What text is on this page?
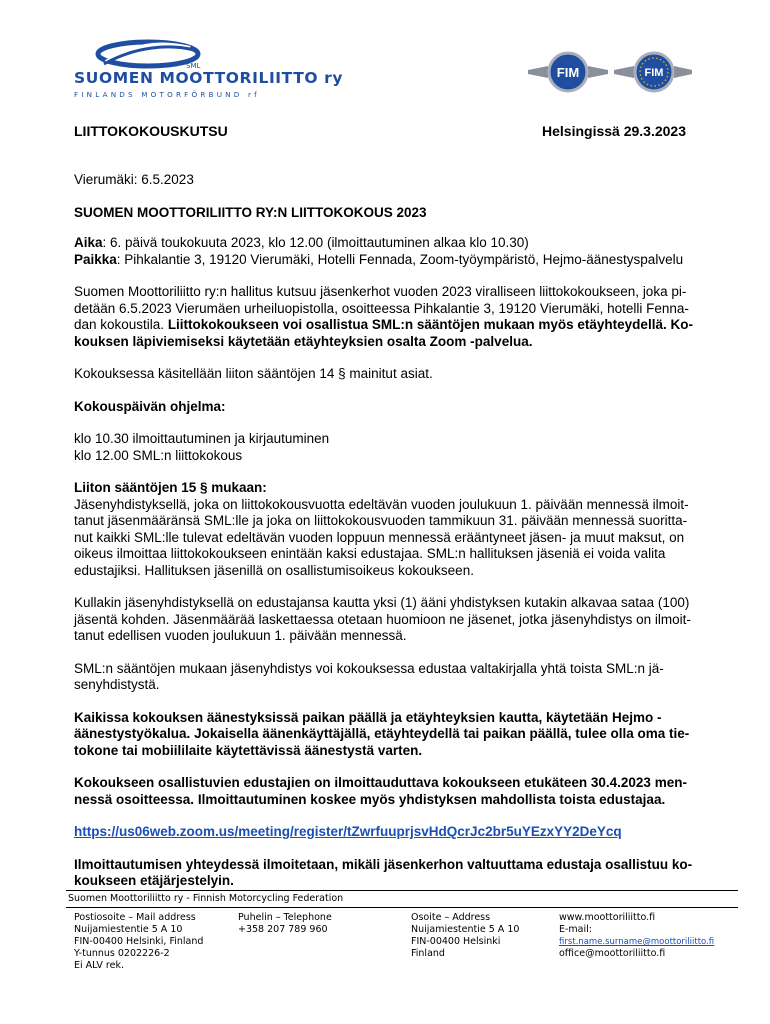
SML
SUOMEN MOOTTORILIITTO ry
FINLANDS MOTORFÖRBUND rf
FIM	FIM
LIITTOKOKOUSKUTSU	Helsingissä 29.3.2023

Vierumäki: 6.5.2023

SUOMEN MOOTTORILIITTO RY:N LIITTOKOKOUS 2023

Aika: 6. päivä toukokuuta 2023, klo 12.00 (ilmoittautuminen alkaa klo 10.30)

Paikka: Pihkalantie 3, 19120 Vierumäki, Hotelli Fennada, Zoom-työympäristö, Hejmo-äänestyspalvelu

Suomen Moottoriliitto ry:n hallitus kutsuu jäsenkerhot vuoden 2023 viralliseen liittokokoukseen, joka pi-

detään 6.5.2023 Vierumäen urheiluopistolla, osoitteessa Pihkalantie 3, 19120 Vierumäki, hotelli Fenna-

dan kokoustila. Liittokokoukseen voi osallistua SML:n sääntöjen mukaan myös etäyhteydellä. Ko-

kouksen läpiviemiseksi käytetään etäyhteyksien osalta Zoom -palvelua.

Kokouksessa käsitellään liiton sääntöjen 14 § mainitut asiat.

Kokouspäivän ohjelma:

klo 10.30 ilmoittautuminen ja kirjautuminen

klo 12.00 SML:n liittokokous

Liiton sääntöjen 15 § mukaan:

Jäsenyhdistyksellä, joka on liittokokousvuotta edeltävän vuoden joulukuun 1. päivään mennessä ilmoit-

tanut jäsenmääränsä SML:lle ja joka on liittokokousvuoden tammikuun 31. päivään mennessä suoritta-

nut kaikki SML:lle tulevat edeltävän vuoden loppuun mennessä erääntyneet jäsen- ja muut maksut, on

oikeus ilmoittaa liittokokoukseen enintään kaksi edustajaa. SML:n hallituksen jäseniä ei voida valita

edustajiksi. Hallituksen jäsenillä on osallistumisoikeus kokoukseen.

Kullakin jäsenyhdistyksellä on edustajansa kautta yksi (1) ääni yhdistyksen kutakin alkavaa sataa (100)

jäsentä kohden. Jäsenmäärää laskettaessa otetaan huomioon ne jäsenet, jotka jäsenyhdistys on ilmoit-

tanut edellisen vuoden joulukuun 1. päivään mennessä.

SML:n sääntöjen mukaan jäsenyhdistys voi kokouksessa edustaa valtakirjalla yhtä toista SML:n jä-

senyhdistystä.

Kaikissa kokouksen äänestyksissä paikan päällä ja etäyhteyksien kautta, käytetään Hejmo -

äänestystyökalua. Jokaisella äänenkäyttäjällä, etäyhteydellä tai paikan päällä, tulee olla oma tie-

tokone tai mobiililaite käytettävissä äänestystä varten.

Kokoukseen osallistuvien edustajien on ilmoittauduttava kokoukseen etukäteen 30.4.2023 men-

nessä osoitteessa. Ilmoittautuminen koskee myös yhdistyksen mahdollista toista edustajaa.

https://us06web.zoom.us/meeting/register/tZwrfuuprjsvHdQcrJc2br5uYEzxYY2DeYcq

Ilmoittautumisen yhteydessä ilmoitetaan, mikäli jäsenkerhon valtuuttama edustaja osallistuu ko-

koukseen etäjärjestelyin.

Suomen Moottoriliitto ry - Finnish Motorcycling Federation
Postiosoite – Mail address
Nuijamiestentie 5 A 10
FIN-00400 Helsinki, Finland
Y-tunnus 0202226-2
Ei ALV rek.
Puhelin – Telephone
+358 207 789 960
Osoite – Address
Nuijamiestentie 5 A 10
FIN-00400 Helsinki
Finland
www.moottoriliitto.fi
E-mail:
first.name.surname@moottoriliitto.fi
office@moottoriliitto.fi
